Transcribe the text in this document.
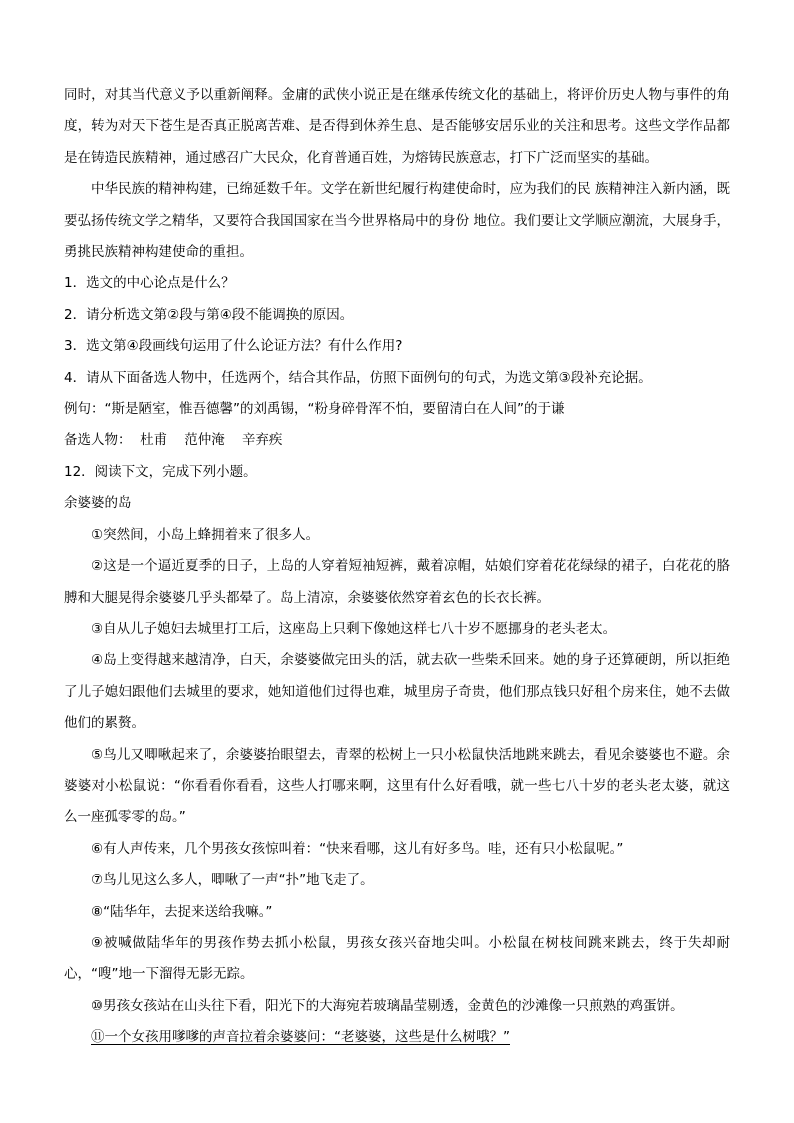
同时，对其当代意义予以重新阐释。金庸的武侠小说正是在继承传统文化的基础上，将评价历史人物与事件的角度，转为对天下苍生是否真正脱离苦难、是否得到休养生息、是否能够安居乐业的关注和思考。这些文学作品都是在铸造民族精神，通过感召广大民众，化育普通百姓，为熔铸民族意志，打下广泛而坚实的基础。

中华民族的精神构建，已绵延数千年。文学在新世纪履行构建使命时，应为我们的民 族精神注入新内涵，既要弘扬传统文学之精华，又要符合我国国家在当今世界格局中的身份 地位。我们要让文学顺应潮流，大展身手，勇挑民族精神构建使命的重担。

1．选文的中心论点是什么？

2．请分析选文第②段与第④段不能调换的原因。

3．选文第④段画线句运用了什么论证方法？有什么作用?

4．请从下面备选人物中，任选两个，结合其作品，仿照下面例句的句式，为选文第③段补充论据。

例句：“斯是陋室，惟吾德馨”的刘禹锡，“粉身碎骨浑不怕，要留清白在人间”的于谦

备选人物：  杜甫    范仲淹    辛弃疾

12．阅读下文，完成下列小题。

余婆婆的岛

①突然间，小岛上蜂拥着来了很多人。

②这是一个逼近夏季的日子，上岛的人穿着短袖短裤，戴着凉帽，姑娘们穿着花花绿绿的裙子，白花花的胳膊和大腿晃得余婆婆几乎头都晕了。岛上清凉，余婆婆依然穿着玄色的长衣长裤。

③自从儿子媳妇去城里打工后，这座岛上只剩下像她这样七八十岁不愿挪身的老头老太。

④岛上变得越来越清净，白天，余婆婆做完田头的活，就去砍一些柴禾回来。她的身子还算硬朗，所以拒绝了儿子媳妇跟他们去城里的要求，她知道他们过得也难，城里房子奇贵，他们那点钱只好租个房来住，她不去做他们的累赘。

⑤鸟儿又唧啾起来了，余婆婆抬眼望去，青翠的松树上一只小松鼠快活地跳来跳去，看见余婆婆也不避。余婆婆对小松鼠说：“你看看你看看，这些人打哪来啊，这里有什么好看哦，就一些七八十岁的老头老太婆，就这么一座孤零零的岛。”

⑥有人声传来，几个男孩女孩惊叫着：“快来看哪，这儿有好多鸟。哇，还有只小松鼠呢。”

⑦鸟儿见这么多人，唧啾了一声“扑”地飞走了。

⑧“陆华年，去捉来送给我嘛。”

⑨被喊做陆华年的男孩作势去抓小松鼠，男孩女孩兴奋地尖叫。小松鼠在树枝间跳来跳去，终于失却耐心，“嗖”地一下溜得无影无踪。

⑩男孩女孩站在山头往下看，阳光下的大海宛若玻璃晶莹剔透，金黄色的沙滩像一只煎熟的鸡蛋饼。

⑪一个女孩用嗲嗲的声音拉着余婆婆问：“老婆婆，这些是什么树哦？”
